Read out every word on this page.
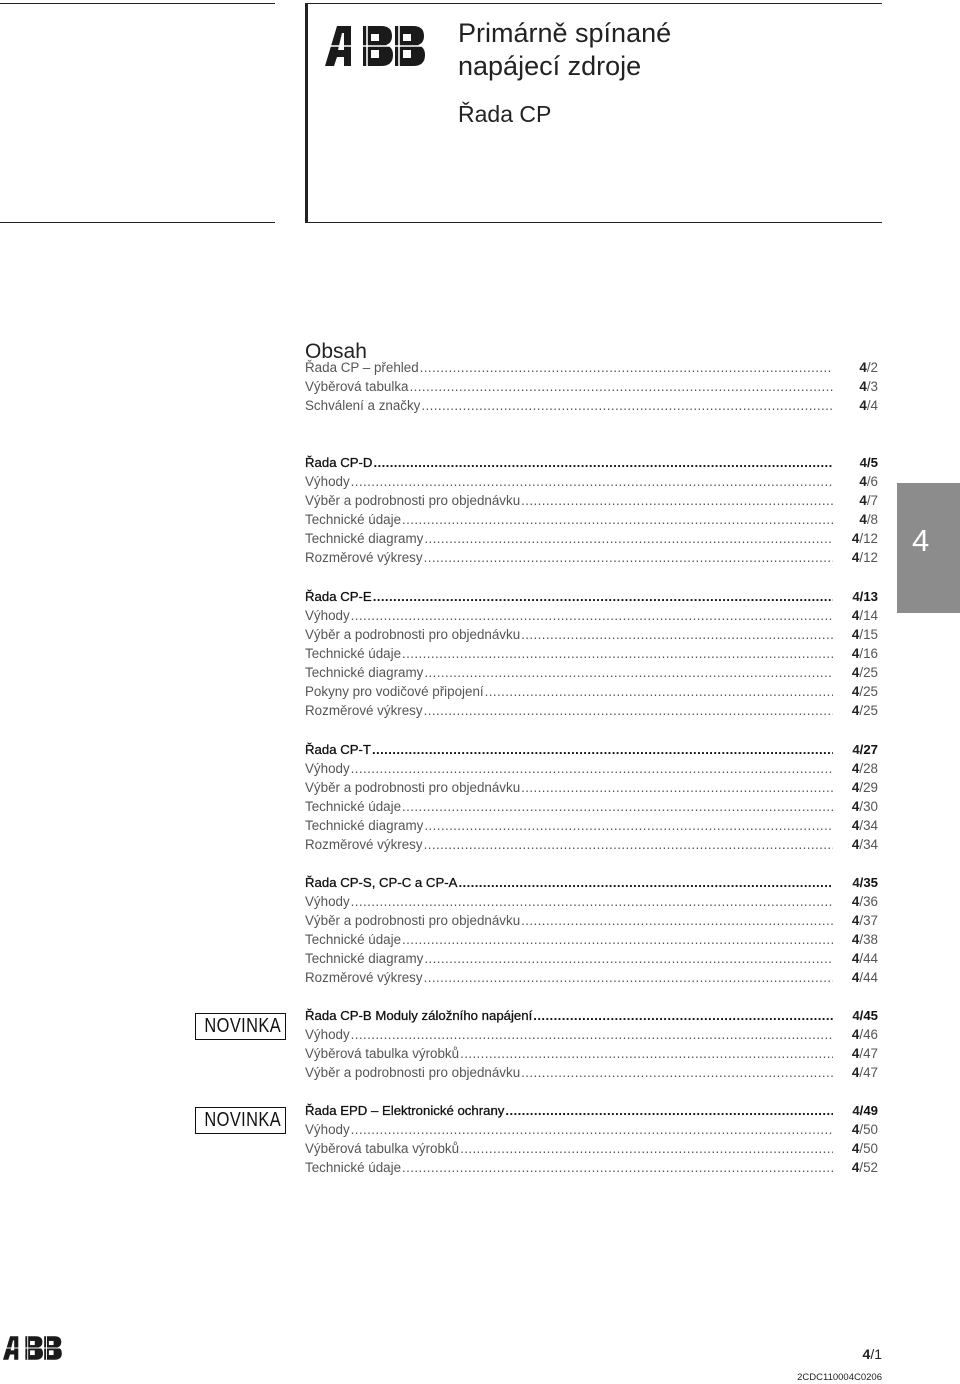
Primárně spínané
napájecí zdroje
Řada CP
Obsah
Řada CP – přehled .....	4/2
Výběrová tabulka .....	4/3
Schválení a značky .....	4/4
Řada CP-D .....	4/5
Výhody .....	4/6
Výběr a podrobnosti pro objednávku .....	4/7
Technické údaje .....	4/8
Technické diagramy .....	4/12
Rozměrové výkresy .....	4/12
Řada CP-E .....	4/13
Výhody .....	4/14
Výběr a podrobnosti pro objednávku .....	4/15
Technické údaje .....	4/16
Technické diagramy .....	4/25
Pokyny pro vodičové připojení .....	4/25
Rozměrové výkresy .....	4/25
Řada CP-T .....	4/27
Výhody .....	4/28
Výběr a podrobnosti pro objednávku .....	4/29
Technické údaje .....	4/30
Technické diagramy .....	4/34
Rozměrové výkresy .....	4/34
Řada CP-S, CP-C a CP-A .....	4/35
Výhody .....	4/36
Výběr a podrobnosti pro objednávku .....	4/37
Technické údaje .....	4/38
Technické diagramy .....	4/44
Rozměrové výkresy .....	4/44
Řada CP-B Moduly záložního napájení .....	4/45
Výhody .....	4/46
Výběrová tabulka výrobků .....	4/47
Výběr a podrobnosti pro objednávku .....	4/47
Řada EPD – Elektronické ochrany .....	4/49
Výhody .....	4/50
Výběrová tabulka výrobků .....	4/50
Technické údaje .....	4/52
4
NOVINKA
NOVINKA
4/1
2CDC110004C0206
